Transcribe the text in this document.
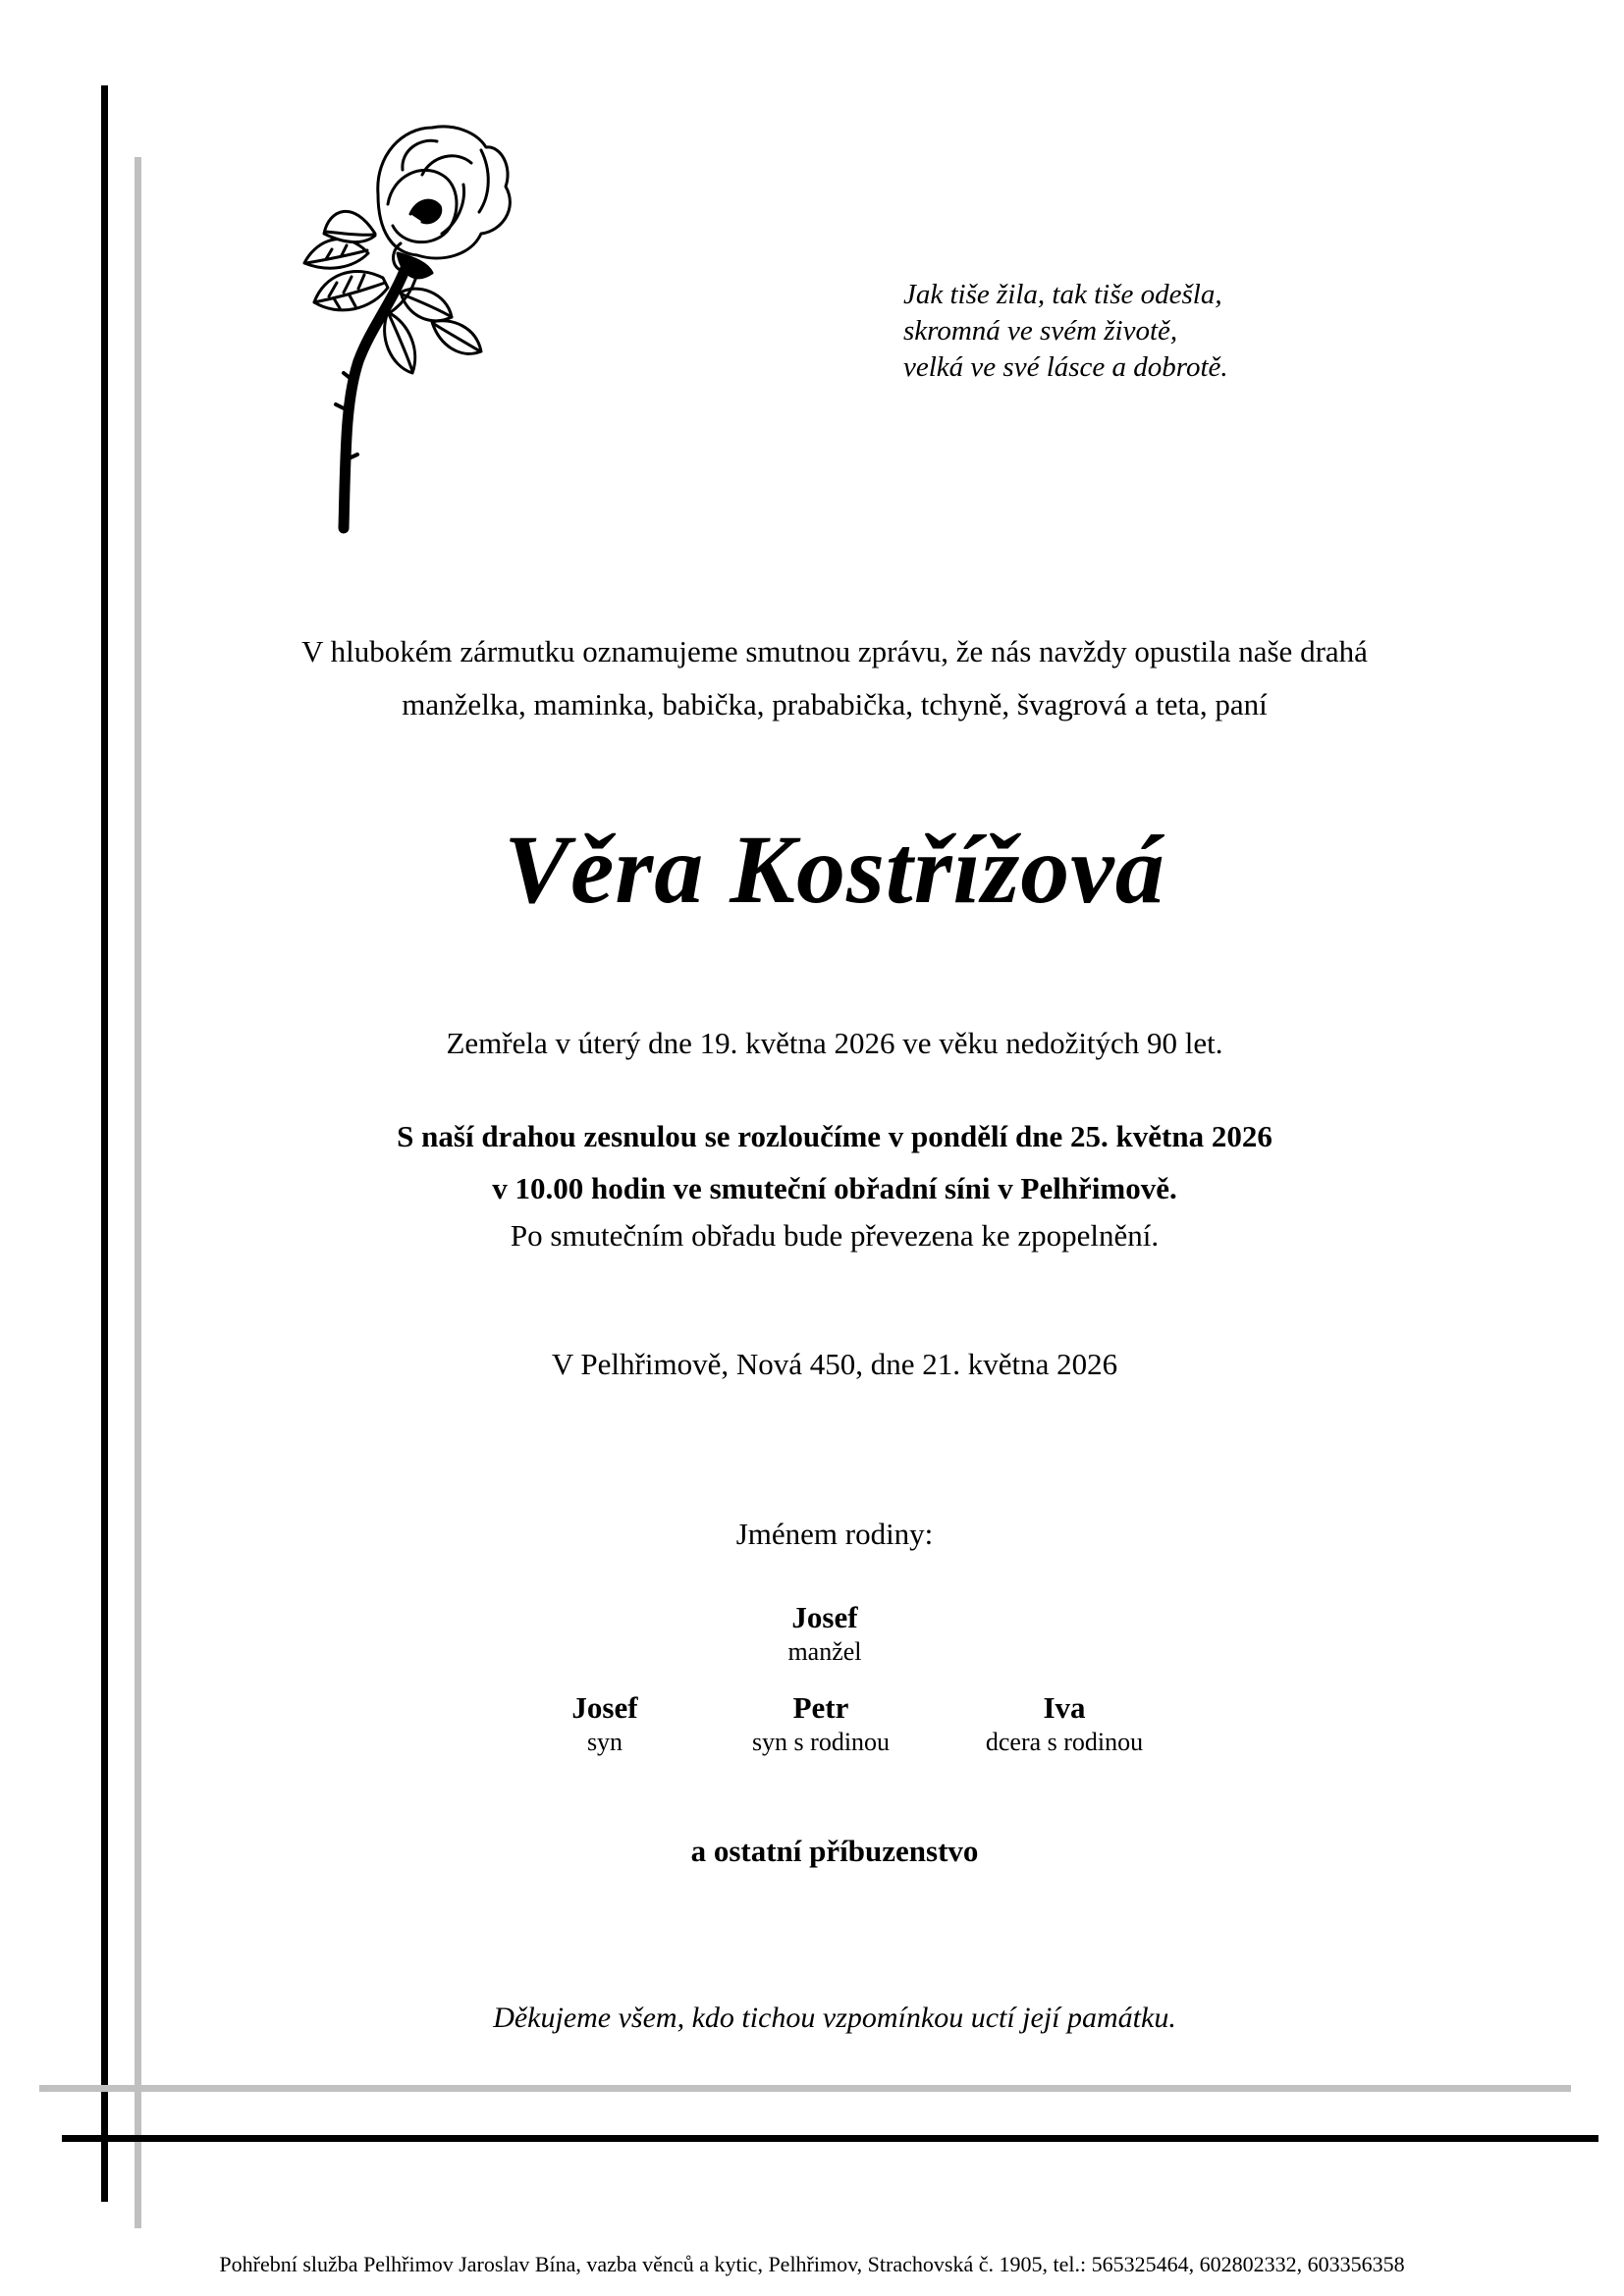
Jak tiše žila, tak tiše odešla,
skromná ve svém životě,
velká ve své lásce a dobrotě.
V hlubokém zármutku oznamujeme smutnou zprávu, že nás navždy opustila naše drahá
manželka, maminka, babička, prababička, tchyně, švagrová a teta, paní
Věra Kostřížová
Zemřela v úterý dne 19. května 2026 ve věku nedožitých 90 let.
S naší drahou zesnulou se rozloučíme v pondělí dne 25. května 2026
v 10.00 hodin ve smuteční obřadní síni v Pelhřimově.
Po smutečním obřadu bude převezena ke zpopelnění.
V Pelhřimově, Nová 450, dne 21. května 2026
Jménem rodiny:
Josef
manžel
Josef
syn
Petr
syn s rodinou
Iva
dcera s rodinou
a ostatní příbuzenstvo
Děkujeme všem, kdo tichou vzpomínkou uctí její památku.
Pohřební služba Pelhřimov Jaroslav Bína, vazba věnců a kytic, Pelhřimov, Strachovská č. 1905, tel.: 565325464, 602802332, 603356358
